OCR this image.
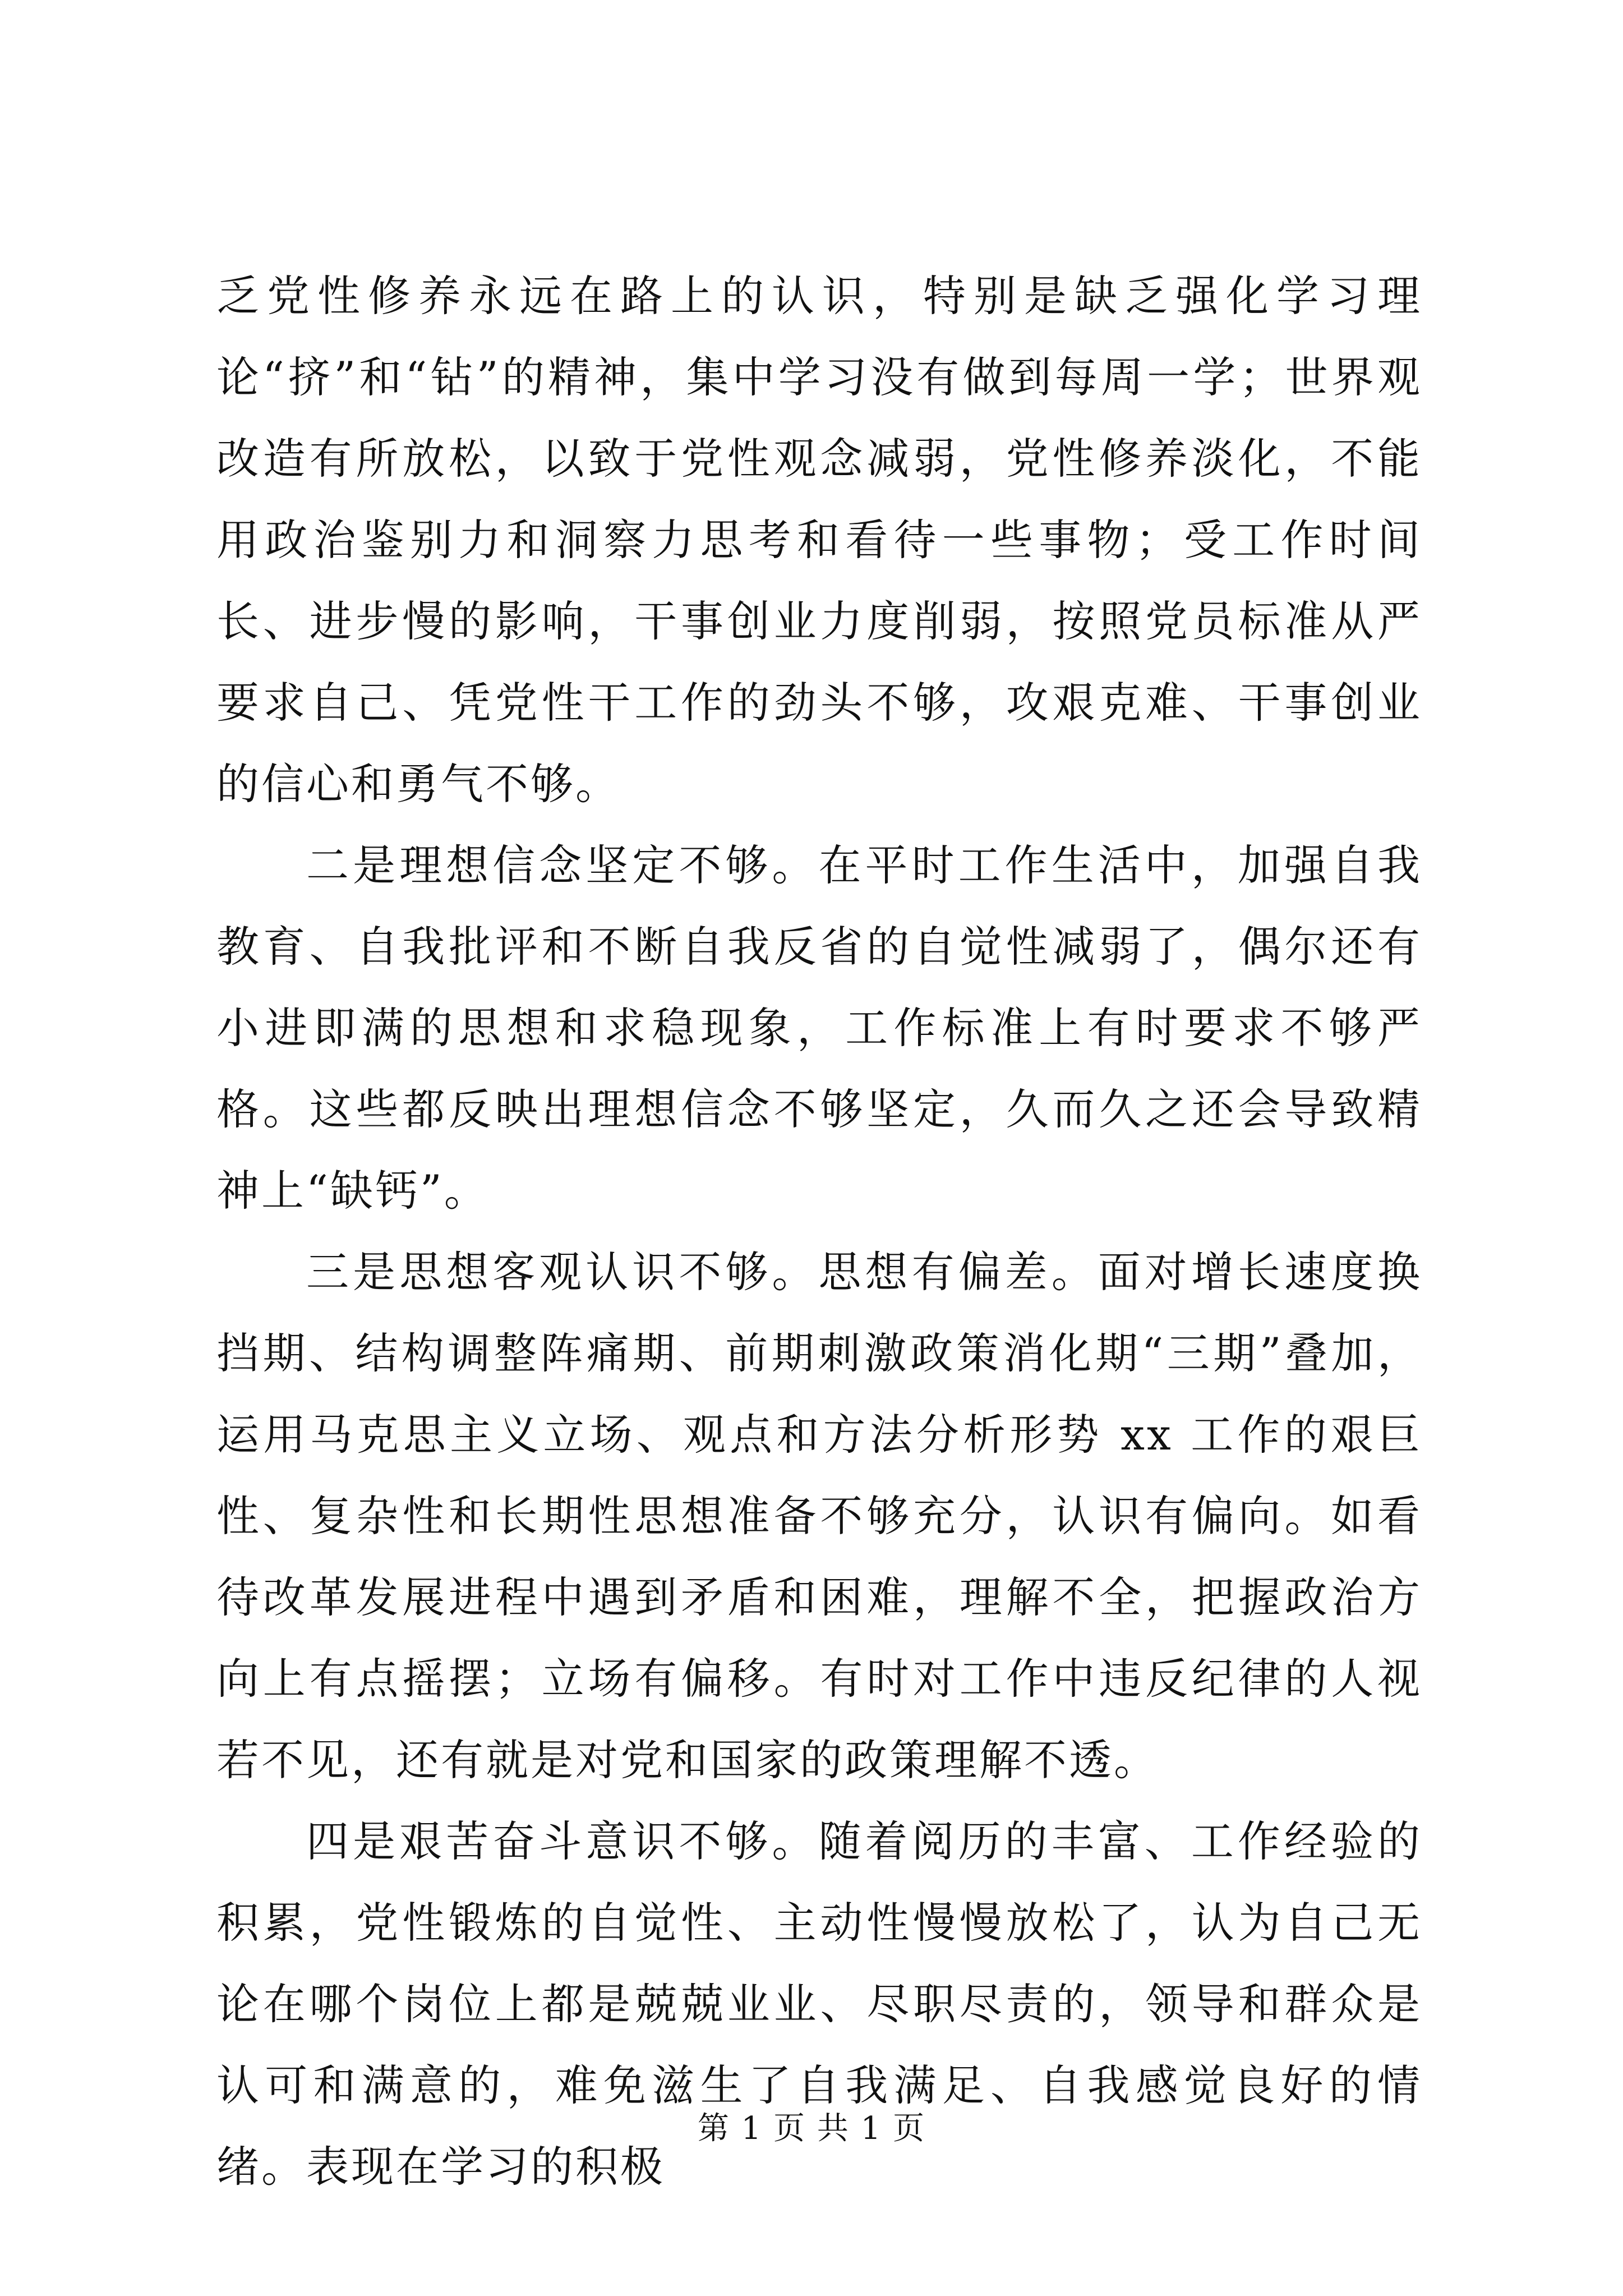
乏党性修养永远在路上的认识，特别是缺乏强化学习理论“挤”和“钻”的精神，集中学习没有做到每周一学；世界观改造有所放松，以致于党性观念减弱，党性修养淡化，不能用政治鉴别力和洞察力思考和看待一些事物；受工作时间长、进步慢的影响，干事创业力度削弱，按照党员标准从严要求自己、凭党性干工作的劲头不够，攻艰克难、干事创业的信心和勇气不够。

二是理想信念坚定不够。在平时工作生活中，加强自我教育、自我批评和不断自我反省的自觉性减弱了，偶尔还有小进即满的思想和求稳现象，工作标准上有时要求不够严格。这些都反映出理想信念不够坚定，久而久之还会导致精神上“缺钙”。

三是思想客观认识不够。思想有偏差。面对增长速度换挡期、结构调整阵痛期、前期刺激政策消化期“三期”叠加，运用马克思主义立场、观点和方法分析形势 xx 工作的艰巨性、复杂性和长期性思想准备不够充分，认识有偏向。如看待改革发展进程中遇到矛盾和困难，理解不全，把握政治方向上有点摇摆；立场有偏移。有时对工作中违反纪律的人视若不见，还有就是对党和国家的政策理解不透。

四是艰苦奋斗意识不够。随着阅历的丰富、工作经验的积累，党性锻炼的自觉性、主动性慢慢放松了，认为自己无论在哪个岗位上都是兢兢业业、尽职尽责的，领导和群众是认可和满意的，难免滋生了自我满足、自我感觉良好的情绪。表现在学习的积极

第 1 页 共 1 页
